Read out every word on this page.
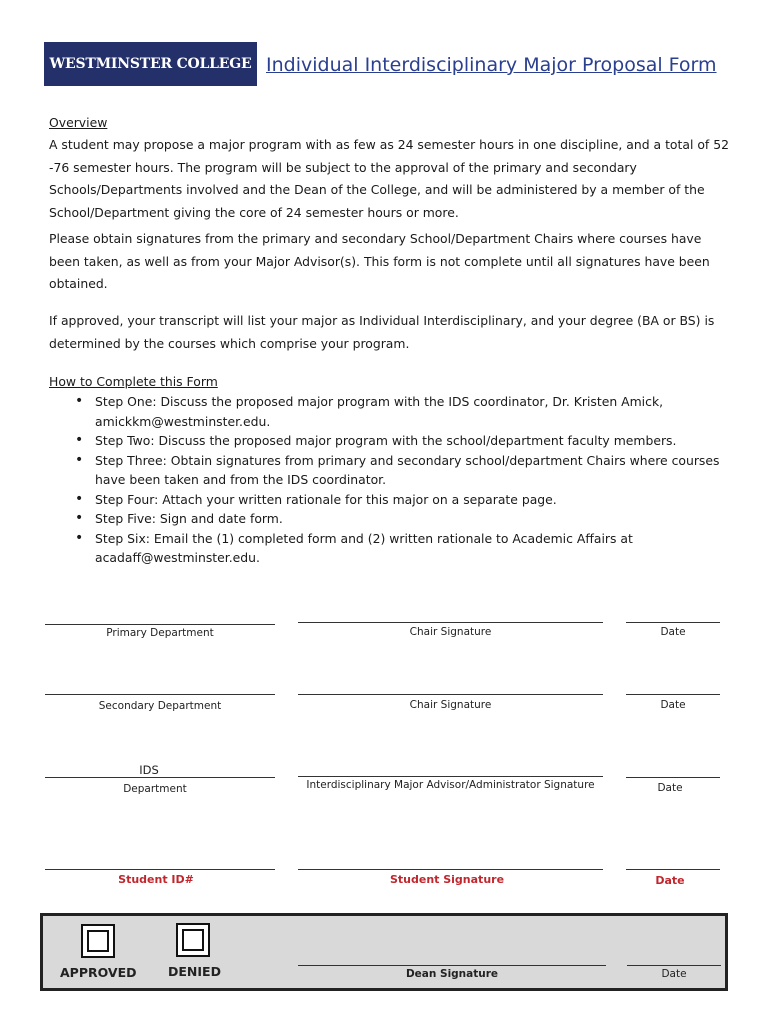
WESTMINSTER COLLEGE Individual Interdisciplinary Major Proposal Form
Overview
A student may propose a major program with as few as 24 semester hours in one discipline, and a total of 52
-76 semester hours. The program will be subject to the approval of the primary and secondary
Schools/Departments involved and the Dean of the College, and will be administered by a member of the
School/Department giving the core of 24 semester hours or more.
Please obtain signatures from the primary and secondary School/Department Chairs where courses have
been taken, as well as from your Major Advisor(s). This form is not complete until all signatures have been
obtained.
If approved, your transcript will list your major as Individual Interdisciplinary, and your degree (BA or BS) is
determined by the courses which comprise your program.
How to Complete this Form
• Step One: Discuss the proposed major program with the IDS coordinator, Dr. Kristen Amick,
amickkm@westminster.edu.
• Step Two: Discuss the proposed major program with the school/department faculty members.
• Step Three: Obtain signatures from primary and secondary school/department Chairs where courses
have been taken and from the IDS coordinator.
• Step Four: Attach your written rationale for this major on a separate page.
• Step Five: Sign and date form.
• Step Six: Email the (1) completed form and (2) written rationale to Academic Affairs at
acadaff@westminster.edu.
Primary Department	Chair Signature	Date
Secondary Department	Chair Signature	Date
IDS
Department	Interdisciplinary Major Advisor/Administrator Signature	Date
Student ID#	Student Signature	Date
APPROVED	DENIED	Dean Signature	Date
